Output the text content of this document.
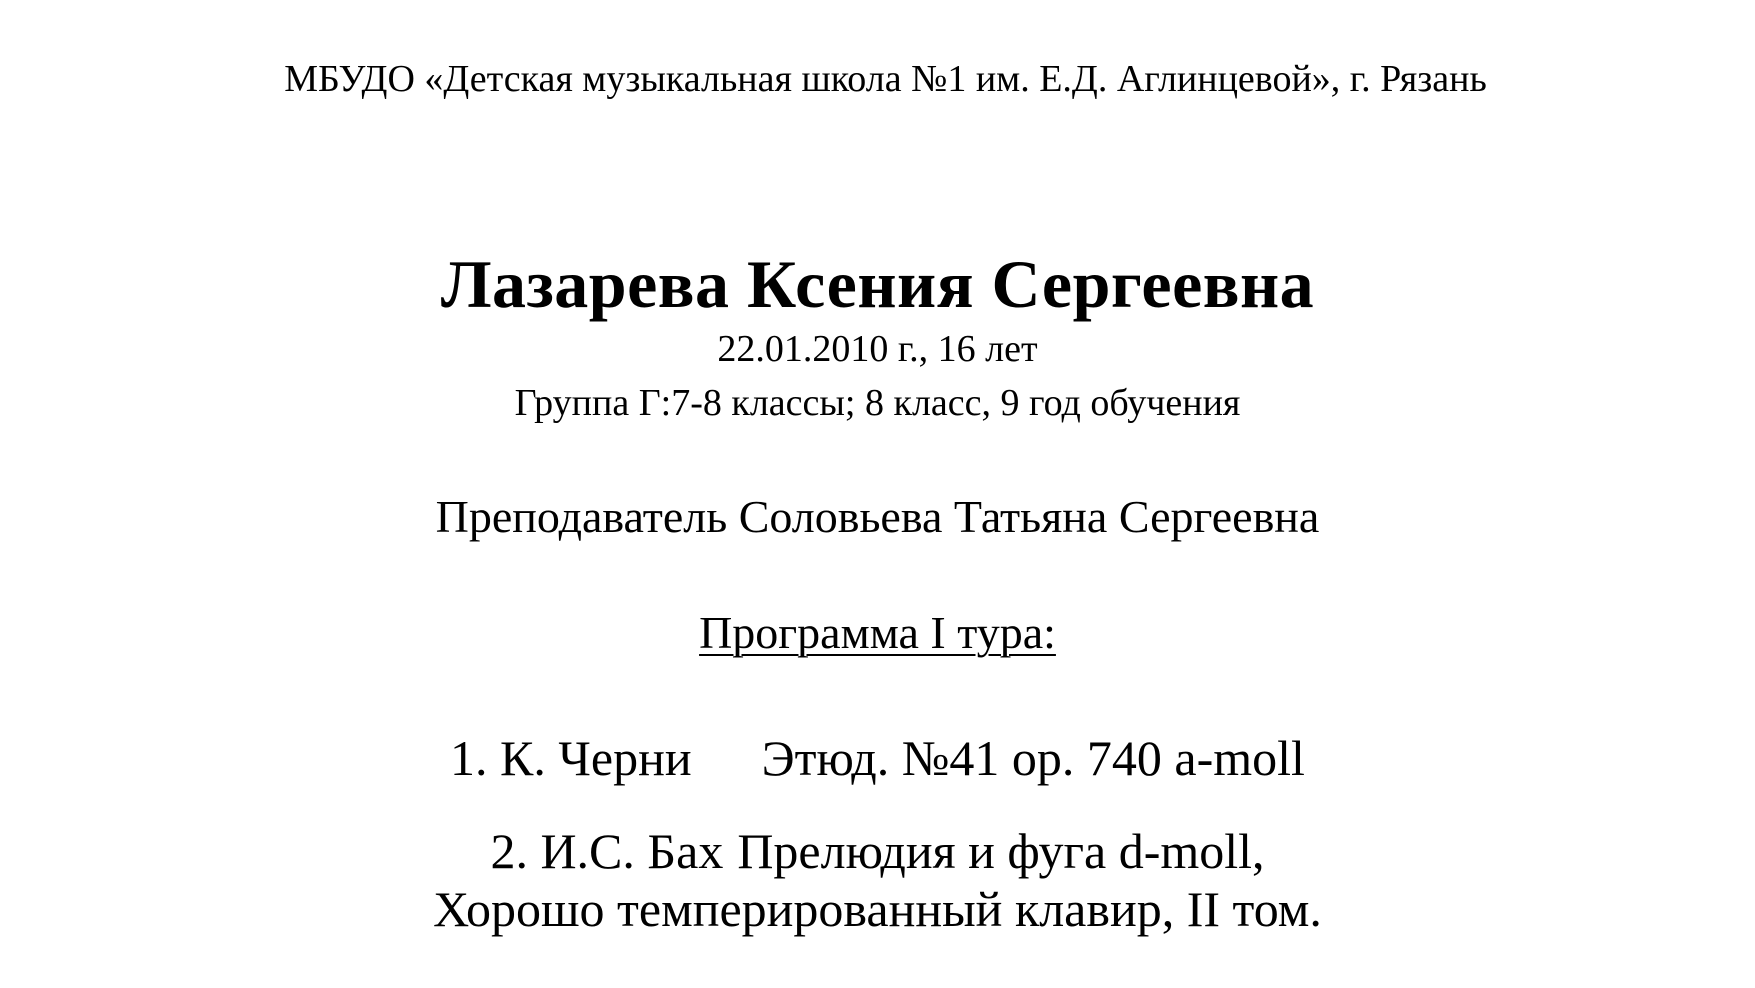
МБУДО «Детская музыкальная школа №1 им. Е.Д. Аглинцевой», г. Рязань
Лазарева Ксения Сергеевна
22.01.2010 г., 16 лет
Группа Г:7-8 классы; 8 класс, 9 год обучения
Преподаватель Соловьева Татьяна Сергеевна
Программа I тура:
1. К. Черни Этюд. №41 ор. 740 a-moll
2. И.С. Бах Прелюдия и фуга d-moll,
Хорошо темперированный клавир, II том.
